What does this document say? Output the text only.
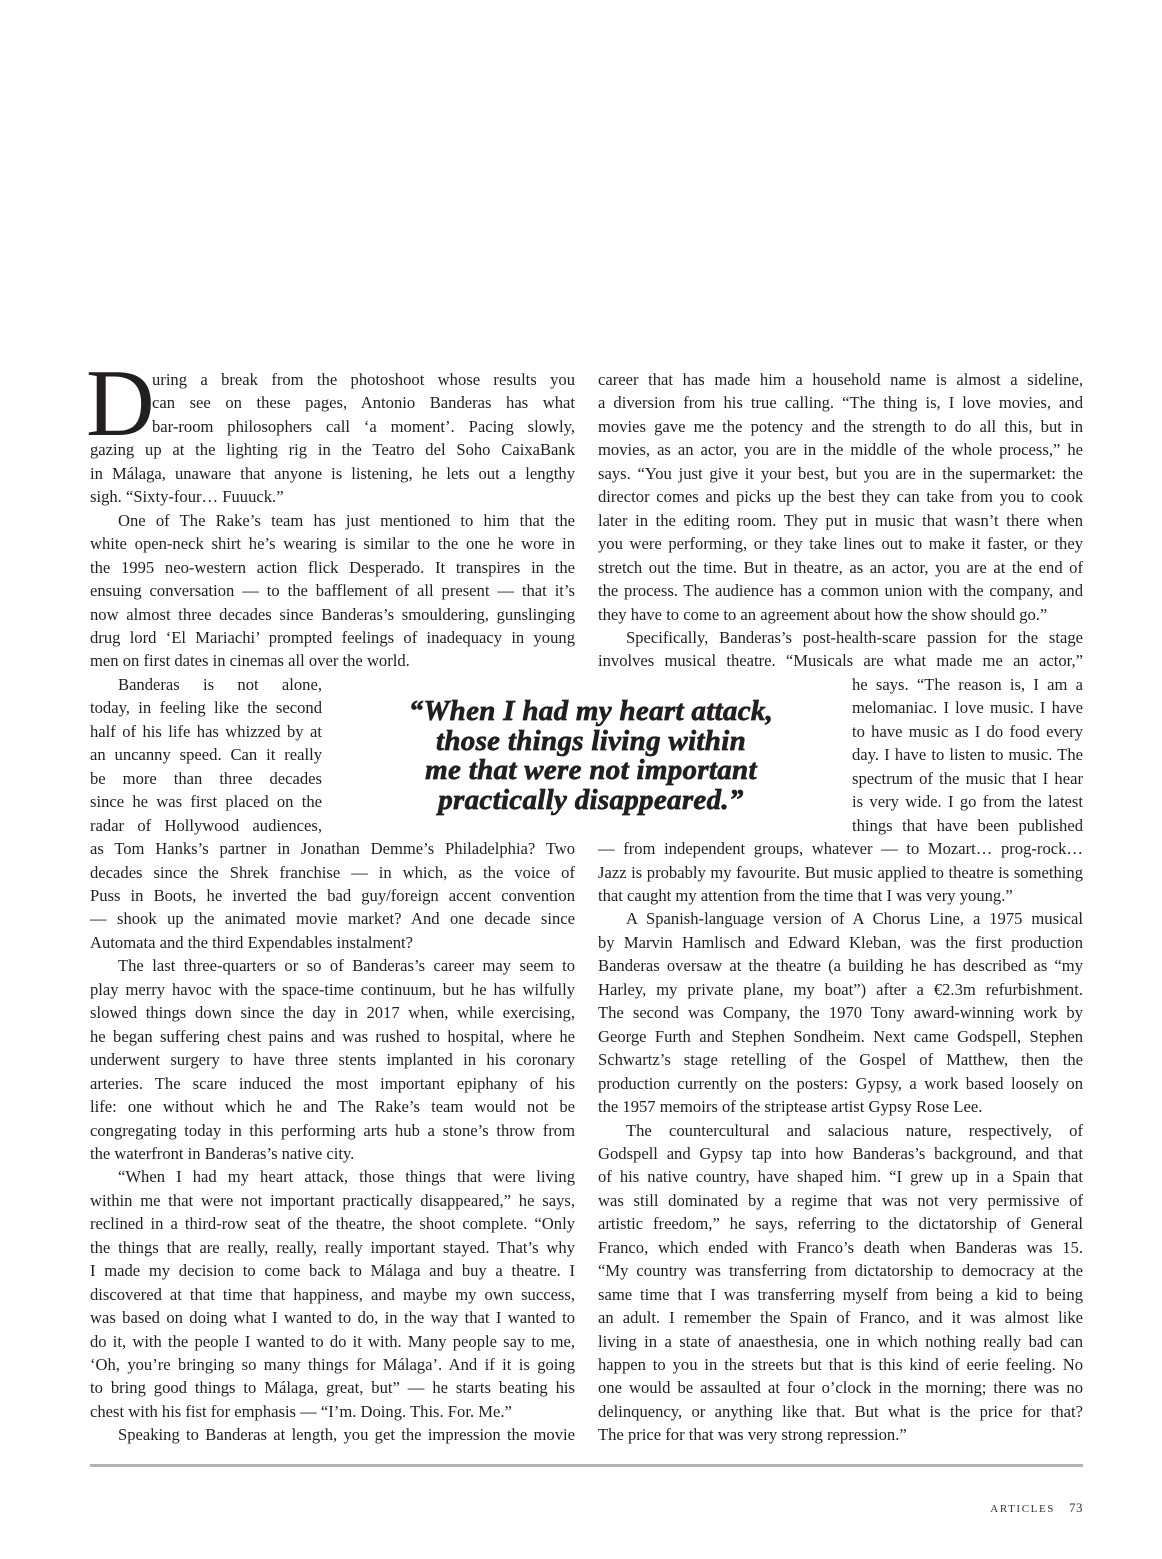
D
uring a break from the photoshoot whose results you
can see on these pages, Antonio Banderas has what
bar-room philosophers call ‘a moment’. Pacing slowly,
gazing up at the lighting rig in the Teatro del Soho CaixaBank
in Málaga, unaware that anyone is listening, he lets out a lengthy
sigh. “Sixty-four… Fuuuck.”
One of The Rake’s team has just mentioned to him that the
white open-neck shirt he’s wearing is similar to the one he wore in
the 1995 neo-western action flick Desperado. It transpires in the
ensuing conversation — to the bafflement of all present — that it’s
now almost three decades since Banderas’s smouldering, gunslinging
drug lord ‘El Mariachi’ prompted feelings of inadequacy in young
men on first dates in cinemas all over the world.
Banderas is not alone,
today, in feeling like the second
half of his life has whizzed by at
an uncanny speed. Can it really
be more than three decades
since he was first placed on the
radar of Hollywood audiences,
as Tom Hanks’s partner in Jonathan Demme’s Philadelphia? Two
decades since the Shrek franchise — in which, as the voice of
Puss in Boots, he inverted the bad guy/foreign accent convention
— shook up the animated movie market? And one decade since
Automata and the third Expendables instalment?
The last three-quarters or so of Banderas’s career may seem to
play merry havoc with the space-time continuum, but he has wilfully
slowed things down since the day in 2017 when, while exercising,
he began suffering chest pains and was rushed to hospital, where he
underwent surgery to have three stents implanted in his coronary
arteries. The scare induced the most important epiphany of his
life: one without which he and The Rake’s team would not be
congregating today in this performing arts hub a stone’s throw from
the waterfront in Banderas’s native city.
“When I had my heart attack, those things that were living
within me that were not important practically disappeared,” he says,
reclined in a third-row seat of the theatre, the shoot complete. “Only
the things that are really, really, really important stayed. That’s why
I made my decision to come back to Málaga and buy a theatre. I
discovered at that time that happiness, and maybe my own success,
was based on doing what I wanted to do, in the way that I wanted to
do it, with the people I wanted to do it with. Many people say to me,
‘Oh, you’re bringing so many things for Málaga’. And if it is going
to bring good things to Málaga, great, but” — he starts beating his
chest with his fist for emphasis — “I’m. Doing. This. For. Me.”
Speaking to Banderas at length, you get the impression the movie
career that has made him a household name is almost a sideline,
a diversion from his true calling. “The thing is, I love movies, and
movies gave me the potency and the strength to do all this, but in
movies, as an actor, you are in the middle of the whole process,” he
says. “You just give it your best, but you are in the supermarket: the
director comes and picks up the best they can take from you to cook
later in the editing room. They put in music that wasn’t there when
you were performing, or they take lines out to make it faster, or they
stretch out the time. But in theatre, as an actor, you are at the end of
the process. The audience has a common union with the company, and
they have to come to an agreement about how the show should go.”
Specifically, Banderas’s post-health-scare passion for the stage
involves musical theatre. “Musicals are what made me an actor,”
he says. “The reason is, I am a
melomaniac. I love music. I have
to have music as I do food every
day. I have to listen to music. The
spectrum of the music that I hear
is very wide. I go from the latest
things that have been published
— from independent groups, whatever — to Mozart… prog-rock…
Jazz is probably my favourite. But music applied to theatre is something
that caught my attention from the time that I was very young.”
A Spanish-language version of A Chorus Line, a 1975 musical
by Marvin Hamlisch and Edward Kleban, was the first production
Banderas oversaw at the theatre (a building he has described as “my
Harley, my private plane, my boat”) after a €2.3m refurbishment.
The second was Company, the 1970 Tony award-winning work by
George Furth and Stephen Sondheim. Next came Godspell, Stephen
Schwartz’s stage retelling of the Gospel of Matthew, then the
production currently on the posters: Gypsy, a work based loosely on
the 1957 memoirs of the striptease artist Gypsy Rose Lee.
The countercultural and salacious nature, respectively, of
Godspell and Gypsy tap into how Banderas’s background, and that
of his native country, have shaped him. “I grew up in a Spain that
was still dominated by a regime that was not very permissive of
artistic freedom,” he says, referring to the dictatorship of General
Franco, which ended with Franco’s death when Banderas was 15.
“My country was transferring from dictatorship to democracy at the
same time that I was transferring myself from being a kid to being
an adult. I remember the Spain of Franco, and it was almost like
living in a state of anaesthesia, one in which nothing really bad can
happen to you in the streets but that is this kind of eerie feeling. No
one would be assaulted at four o’clock in the morning; there was no
delinquency, or anything like that. But what is the price for that?
The price for that was very strong repression.”
“When I had my heart attack,
those things living within
me that were not important
practically disappeared.”
ARTICLES 73
